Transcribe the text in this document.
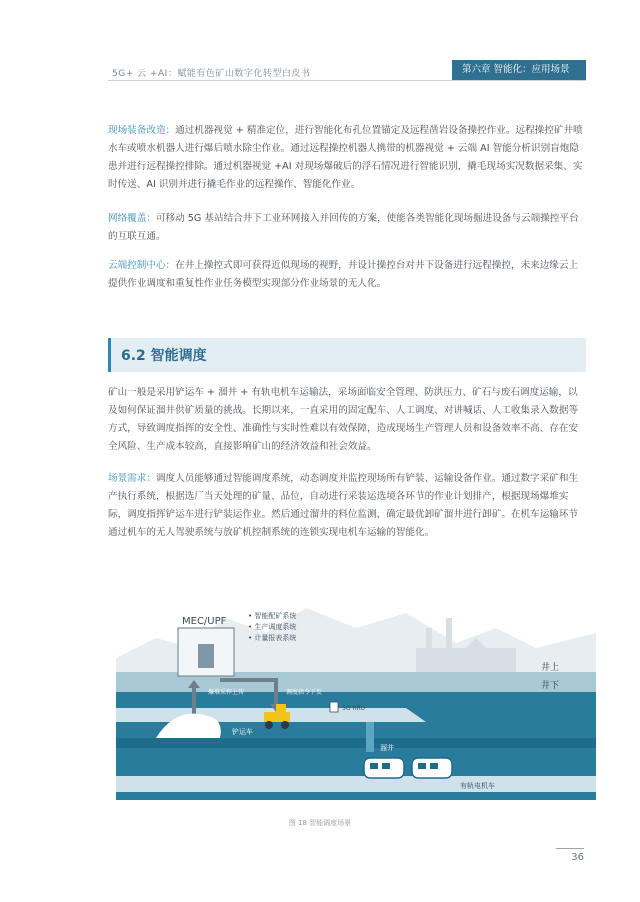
5G+ 云 +AI：赋能有色矿山数字化转型白皮书	第六章 智能化：应用场景

现场装备改造：通过机器视觉 + 精准定位，进行智能化布孔位置锚定及远程凿岩设备操控作业。远程操控矿井喷水车或喷水机器人进行爆后喷水除尘作业。通过远程操控机器人携带的机器视觉 + 云端 AI 智能分析识别盲炮隐患并进行远程操控排除。通过机器视觉 +AI 对现场爆破后的浮石情况进行智能识别，撬毛现场实况数据采集、实时传送、AI 识别并进行撬毛作业的远程操作、智能化作业。

网络覆盖：可移动 5G 基站结合井下工业环网接入并回传的方案，使能各类智能化现场掘进设备与云端操控平台的互联互通。

云端控制中心：在井上操控式即可获得近似现场的视野，并设计操控台对井下设备进行远程操控，未来边缘云上提供作业调度和重复性作业任务模型实现部分作业场景的无人化。

6.2 智能调度

矿山一般是采用铲运车 + 溜井 + 有轨电机车运输法，采场面临安全管理、防洪压力、矿石与废石调度运输，以及如何保证溜井供矿质量的挑战。长期以来，一直采用的固定配车、人工调度、对讲喊话、人工收集录入数据等方式，导致调度指挥的安全性、准确性与实时性难以有效保障，造成现场生产管理人员和设备效率不高、存在安全风险、生产成本较高，直接影响矿山的经济效益和社会效益。

场景需求：调度人员能够通过智能调度系统，动态调度并监控现场所有铲装、运输设备作业。通过数字采矿和生产执行系统，根据选厂当天处理的矿量、品位，自动进行采装运选境各环节的作业计划排产，根据现场爆堆实际，调度指挥铲运车进行铲装运作业。然后通过溜井的料位监测，确定最优卸矿溜井进行卸矿。在机车运输环节通过机车的无人驾驶系统与放矿机控制系统的连锁实现电机车运输的智能化。

MEC/UPF	• 智能配矿系统
• 生产调度系统
• 计量报表系统
爆堆采样上传	调度指令下发
铲运车
5G RRU
溜井
有轨电机车
井上
井下
图 18 智能调度场景
36
